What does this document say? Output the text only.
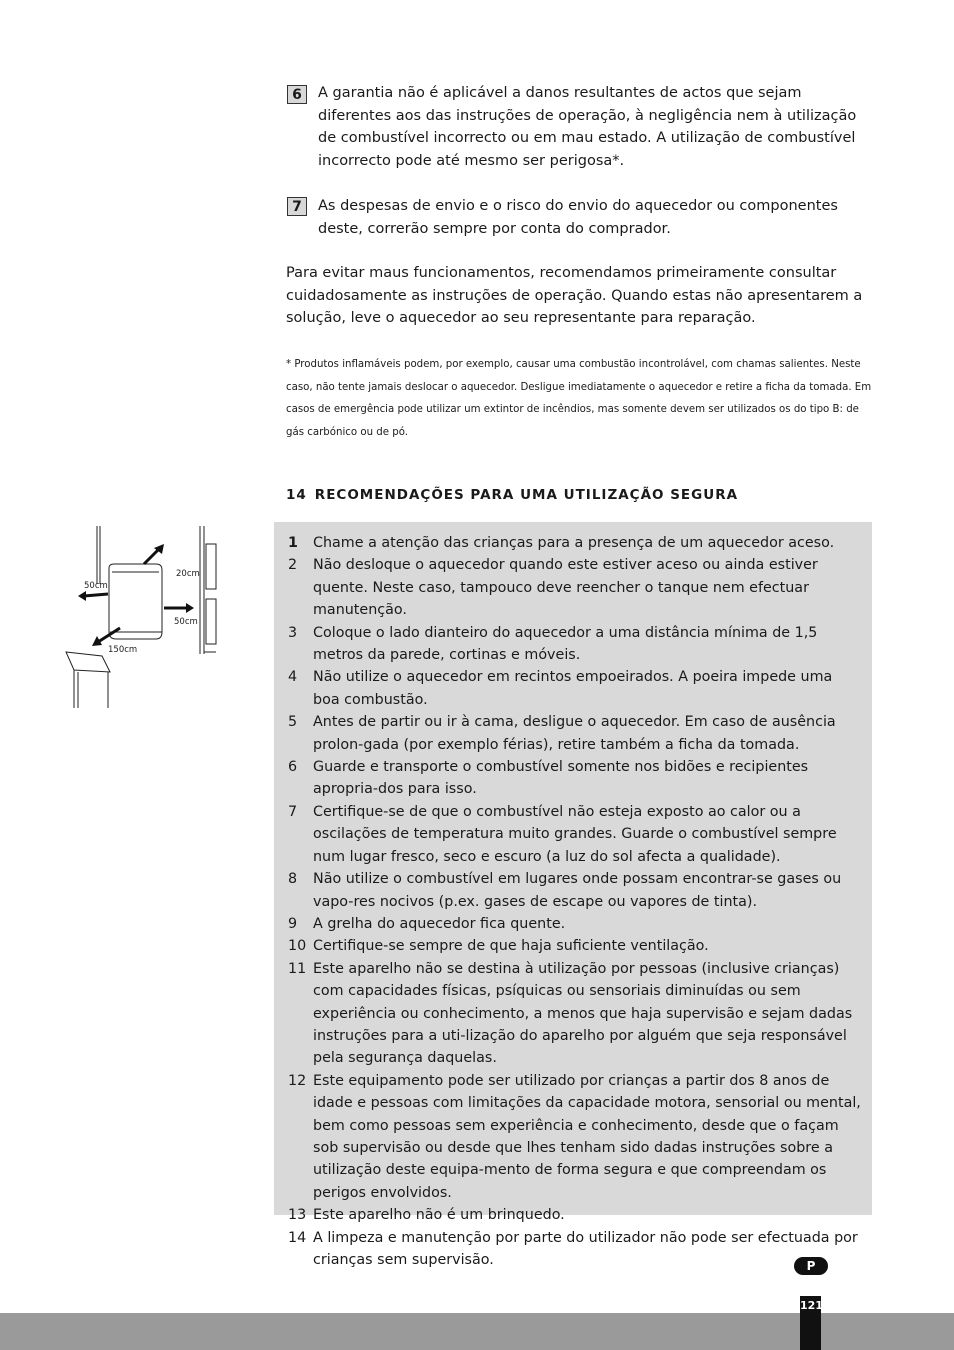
6	A garantia não é aplicável a danos resultantes de actos que sejam diferentes aos das instruções de operação, à negligência nem à utilização de combustível incorrecto ou em mau estado. A utilização de combustível incorrecto pode até mesmo ser perigosa*.
7	As despesas de envio e o risco do envio do aquecedor ou componentes deste, correrão sempre por conta do comprador.
Para evitar maus funcionamentos, recomendamos primeiramente consultar cuidadosamente as instruções de operação. Quando estas não apresentarem a solução, leve o aquecedor ao seu representante para reparação.
* Produtos inflamáveis podem, por exemplo, causar uma combustão incontrolável, com chamas salientes. Neste caso, não tente jamais deslocar o aquecedor. Desligue imediatamente o aquecedor e retire a ficha da tomada. Em casos de emergência pode utilizar um extintor de incêndios, mas somente devem ser utilizados os do tipo B: de gás carbónico ou de pó.
14 RECOMENDAÇÕES PARA UMA UTILIZAÇÃO SEGURA
50cm
20cm
50cm
150cm
1	Chame a atenção das crianças para a presença de um aquecedor aceso.
2	Não desloque o aquecedor quando este estiver aceso ou ainda estiver quente. Neste caso, tampouco deve reencher o tanque nem efectuar manutenção.
3	Coloque o lado dianteiro do aquecedor a uma distância mínima de 1,5 metros da parede, cortinas e móveis.
4	Não utilize o aquecedor em recintos empoeirados. A poeira impede uma boa combustão.
5	Antes de partir ou ir à cama, desligue o aquecedor. Em caso de ausência prolon-gada (por exemplo férias), retire também a ficha da tomada.
6	Guarde e transporte o combustível somente nos bidões e recipientes apropria-dos para isso.
7	Certifique-se de que o combustível não esteja exposto ao calor ou a oscilações de temperatura muito grandes. Guarde o combustível sempre num lugar fresco, seco e escuro (a luz do sol afecta a qualidade).
8	Não utilize o combustível em lugares onde possam encontrar-se gases ou vapo-res nocivos (p.ex. gases de escape ou vapores de tinta).
9	A grelha do aquecedor fica quente.
10 Certifique-se sempre de que haja suficiente ventilação.
11 Este aparelho não se destina à utilização por pessoas (inclusive crianças) com capacidades físicas, psíquicas ou sensoriais diminuídas ou sem experiência ou conhecimento, a menos que haja supervisão e sejam dadas instruções para a uti-lização do aparelho por alguém que seja responsável pela segurança daquelas.
12 Este equipamento pode ser utilizado por crianças a partir dos 8 anos de idade e pessoas com limitações da capacidade motora, sensorial ou mental, bem como pessoas sem experiência e conhecimento, desde que o façam sob supervisão ou desde que lhes tenham sido dadas instruções sobre a utilização deste equipa-mento de forma segura e que compreendam os perigos envolvidos.
13 Este aparelho não é um brinquedo.
14 A limpeza e manutenção por parte do utilizador não pode ser efectuada por crianças sem supervisão.	P
121
